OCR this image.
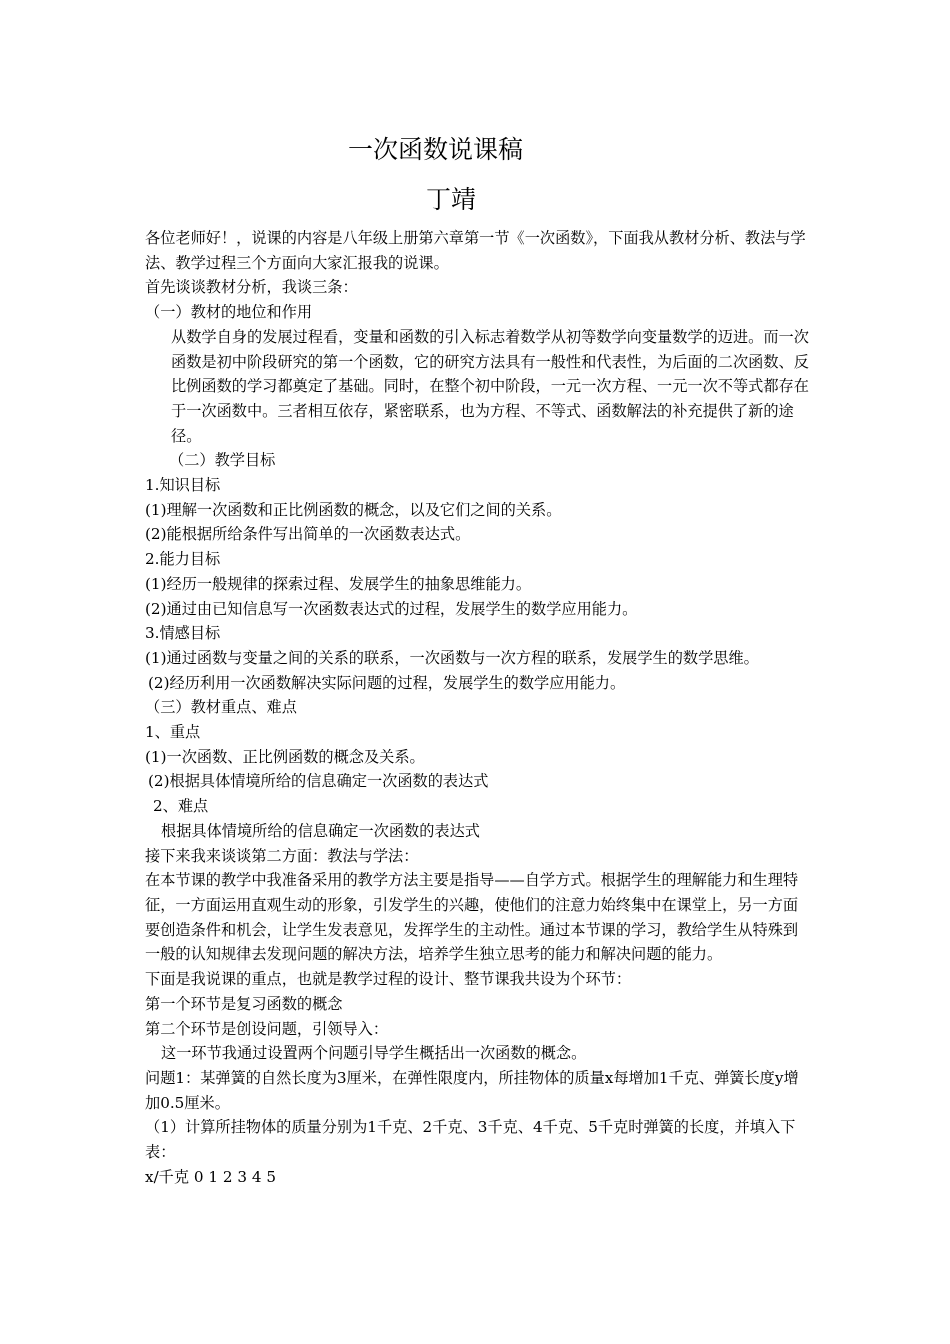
一次函数说课稿
丁靖

各位老师好！，说课的内容是八年级上册第六章第一节《一次函数》，下面我从教材分析、教法与学法、教学过程三个方面向大家汇报我的说课。

首先谈谈教材分析，我谈三条：

（一）教材的地位和作用

从数学自身的发展过程看，变量和函数的引入标志着数学从初等数学向变量数学的迈进。而一次函数是初中阶段研究的第一个函数，它的研究方法具有一般性和代表性，为后面的二次函数、反比例函数的学习都奠定了基础。同时，在整个初中阶段，一元一次方程、一元一次不等式都存在于一次函数中。三者相互依存，紧密联系，也为方程、不等式、函数解法的补充提供了新的途径。

（二）教学目标

1.知识目标

(1)理解一次函数和正比例函数的概念，以及它们之间的关系。

(2)能根据所给条件写出简单的一次函数表达式。

2.能力目标

(1)经历一般规律的探索过程、发展学生的抽象思维能力。

(2)通过由已知信息写一次函数表达式的过程，发展学生的数学应用能力。

3.情感目标

(1)通过函数与变量之间的关系的联系，一次函数与一次方程的联系，发展学生的数学思维。

(2)经历利用一次函数解决实际问题的过程，发展学生的数学应用能力。

（三）教材重点、难点

1、重点

(1)一次函数、正比例函数的概念及关系。

(2)根据具体情境所给的信息确定一次函数的表达式

2、难点

根据具体情境所给的信息确定一次函数的表达式

接下来我来谈谈第二方面：教法与学法：

在本节课的教学中我准备采用的教学方法主要是指导——自学方式。根据学生的理解能力和生理特征，一方面运用直观生动的形象，引发学生的兴趣，使他们的注意力始终集中在课堂上，另一方面要创造条件和机会，让学生发表意见，发挥学生的主动性。通过本节课的学习，教给学生从特殊到一般的认知规律去发现问题的解决方法，培养学生独立思考的能力和解决问题的能力。

下面是我说课的重点，也就是教学过程的设计、整节课我共设为个环节：

第一个环节是复习函数的概念

第二个环节是创设问题，引领导入：

这一环节我通过设置两个问题引导学生概括出一次函数的概念。

问题1：某弹簧的自然长度为3厘米，在弹性限度内，所挂物体的质量x每增加1千克、弹簧长度y增加0.5厘米。

（1）计算所挂物体的质量分别为1千克、2千克、3千克、4千克、5千克时弹簧的长度，并填入下表：

x/千克 0 1 2 3 4 5
